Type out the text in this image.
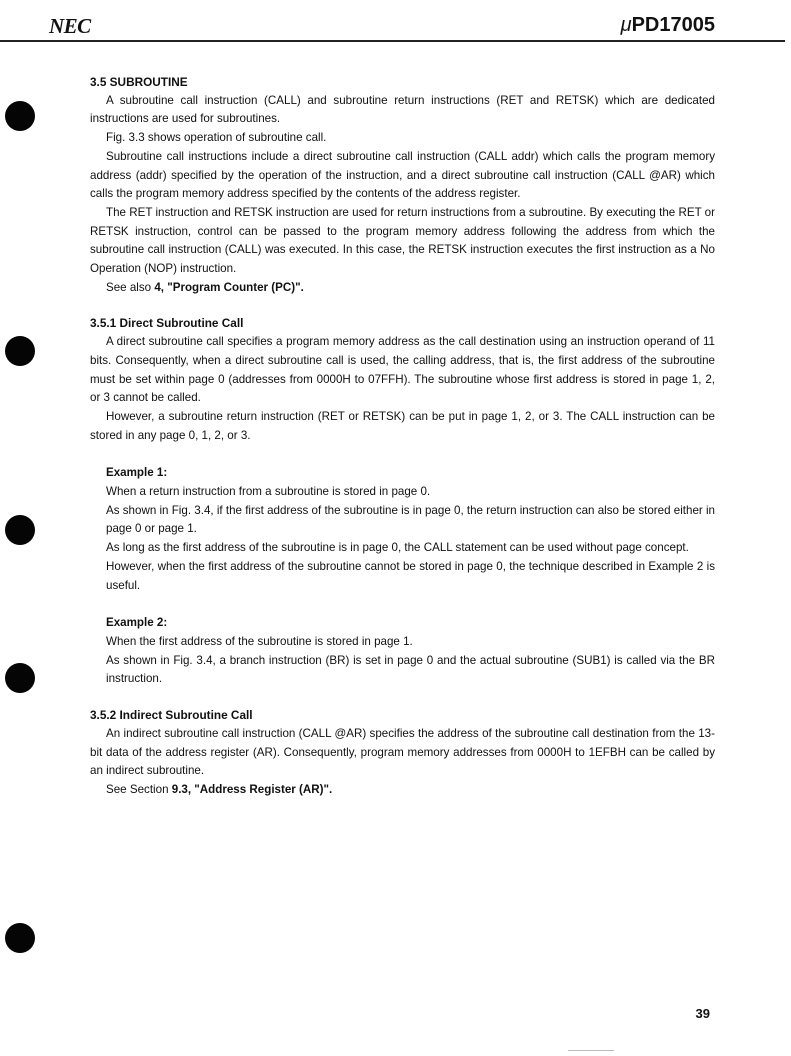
NEC	μPD17005
3.5 SUBROUTINE

A subroutine call instruction (CALL) and subroutine return instructions (RET and RETSK) which are dedicated instructions are used for subroutines.

Fig. 3.3 shows operation of subroutine call.

Subroutine call instructions include a direct subroutine call instruction (CALL addr) which calls the program memory address (addr) specified by the operation of the instruction, and a direct subroutine call instruction (CALL @AR) which calls the program memory address specified by the contents of the address register.

The RET instruction and RETSK instruction are used for return instructions from a subroutine. By executing the RET or RETSK instruction, control can be passed to the program memory address following the address from which the subroutine call instruction (CALL) was executed. In this case, the RETSK instruction executes the first instruction as a No Operation (NOP) instruction.

See also 4, "Program Counter (PC)".

3.5.1 Direct Subroutine Call

A direct subroutine call specifies a program memory address as the call destination using an instruction operand of 11 bits. Consequently, when a direct subroutine call is used, the calling address, that is, the first address of the subroutine must be set within page 0 (addresses from 0000H to 07FFH). The subroutine whose first address is stored in page 1, 2, or 3 cannot be called.

However, a subroutine return instruction (RET or RETSK) can be put in page 1, 2, or 3. The CALL instruction can be stored in any page 0, 1, 2, or 3.

Example 1:

When a return instruction from a subroutine is stored in page 0.

As shown in Fig. 3.4, if the first address of the subroutine is in page 0, the return instruction can also be stored either in page 0 or page 1.

As long as the first address of the subroutine is in page 0, the CALL statement can be used without page concept.

However, when the first address of the subroutine cannot be stored in page 0, the technique described in Example 2 is useful.

Example 2:

When the first address of the subroutine is stored in page 1.

As shown in Fig. 3.4, a branch instruction (BR) is set in page 0 and the actual subroutine (SUB1) is called via the BR instruction.

3.5.2 Indirect Subroutine Call

An indirect subroutine call instruction (CALL @AR) specifies the address of the subroutine call destination from the 13-bit data of the address register (AR). Consequently, program memory addresses from 0000H to 1EFBH can be called by an indirect subroutine.

See Section 9.3, "Address Register (AR)".

39
